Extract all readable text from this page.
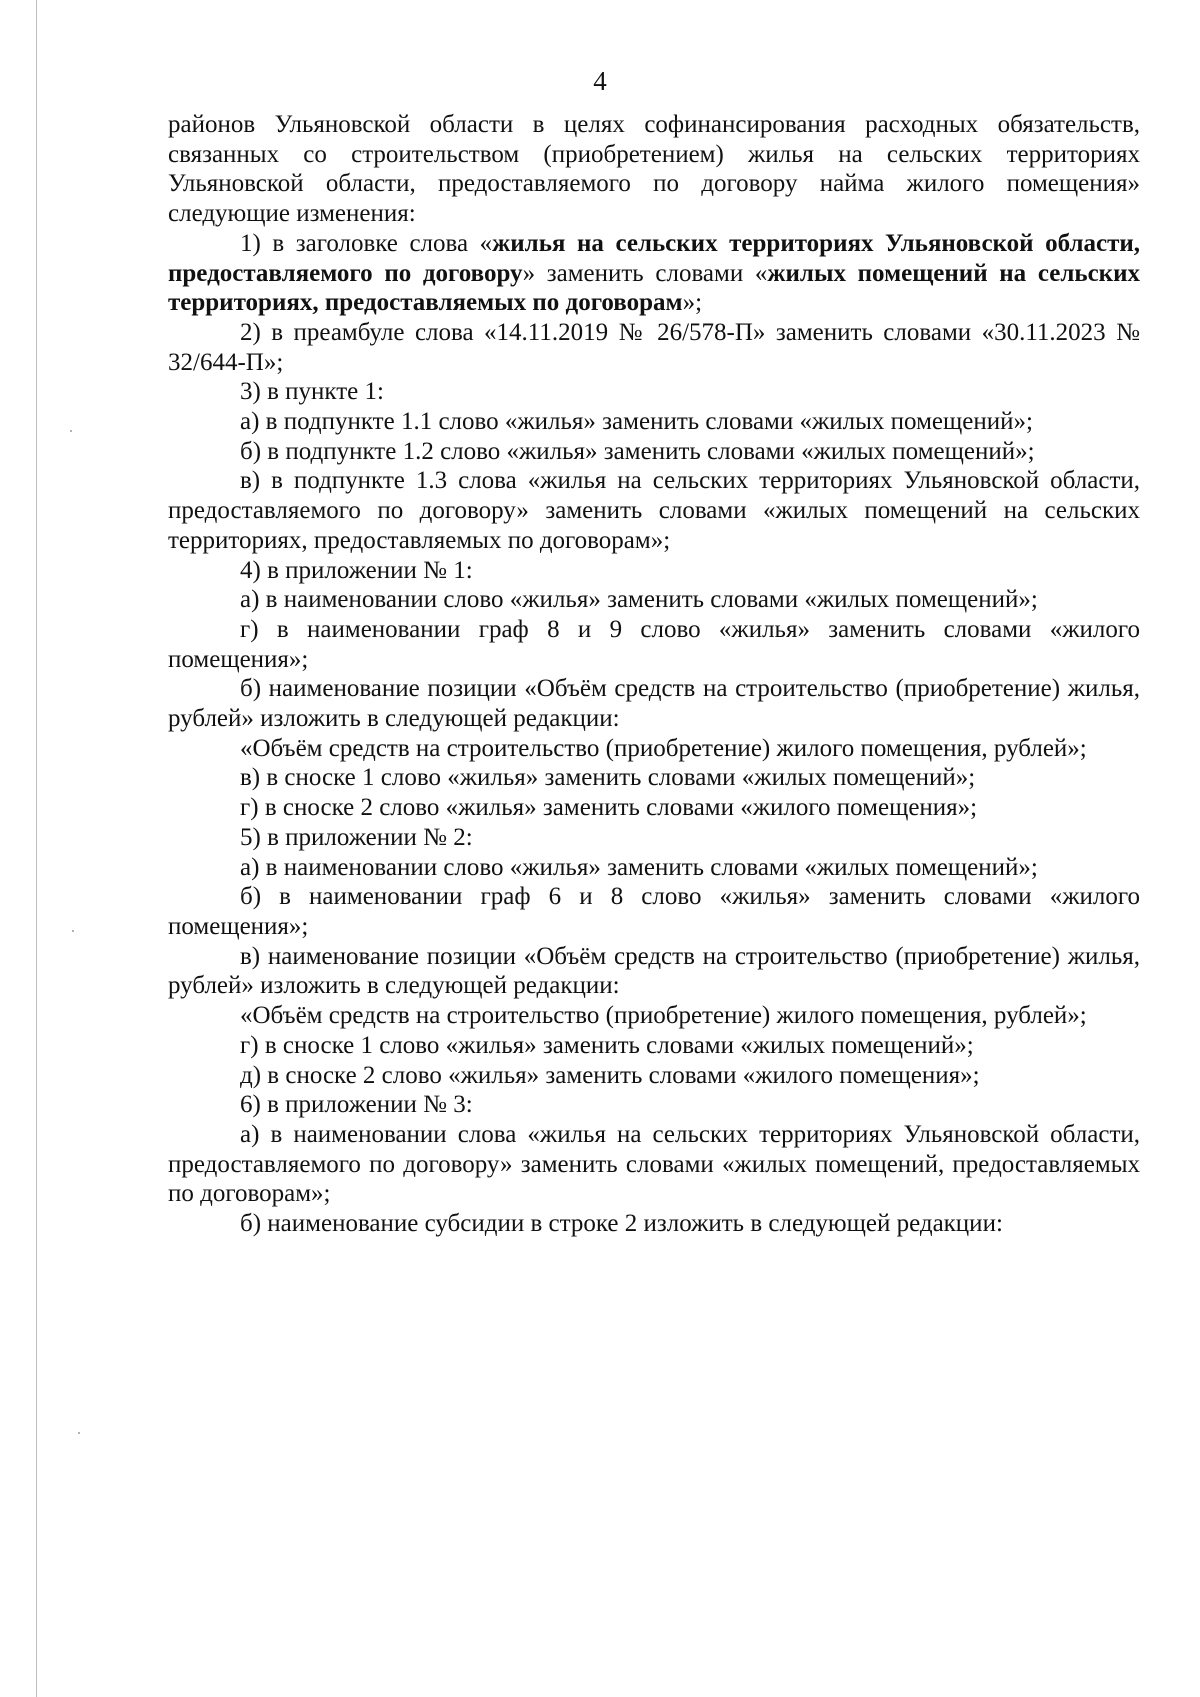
4

районов Ульяновской области в целях софинансирования расходных обязательств, связанных со строительством (приобретением) жилья на сельских территориях Ульяновской области, предоставляемого по договору найма жилого помещения» следующие изменения:

1) в заголовке слова «жилья на сельских территориях Ульяновской области, предоставляемого по договору» заменить словами «жилых помещений на сельских территориях, предоставляемых по договорам»;

2) в преамбуле слова «14.11.2019 № 26/578-П» заменить словами «30.11.2023 № 32/644-П»;

3) в пункте 1:

а) в подпункте 1.1 слово «жилья» заменить словами «жилых помещений»;

б) в подпункте 1.2 слово «жилья» заменить словами «жилых помещений»;

в) в подпункте 1.3 слова «жилья на сельских территориях Ульяновской области, предоставляемого по договору» заменить словами «жилых помещений на сельских территориях, предоставляемых по договорам»;

4) в приложении № 1:

а) в наименовании слово «жилья» заменить словами «жилых помещений»;

г) в наименовании граф 8 и 9 слово «жилья» заменить словами «жилого помещения»;

б) наименование позиции «Объём средств на строительство (приобретение) жилья, рублей» изложить в следующей редакции:

«Объём средств на строительство (приобретение) жилого помещения, рублей»;

в) в сноске 1 слово «жилья» заменить словами «жилых помещений»;

г) в сноске 2 слово «жилья» заменить словами «жилого помещения»;

5) в приложении № 2:

а) в наименовании слово «жилья» заменить словами «жилых помещений»;

б) в наименовании граф 6 и 8 слово «жилья» заменить словами «жилого помещения»;

в) наименование позиции «Объём средств на строительство (приобретение) жилья, рублей» изложить в следующей редакции:

«Объём средств на строительство (приобретение) жилого помещения, рублей»;

г) в сноске 1 слово «жилья» заменить словами «жилых помещений»;

д) в сноске 2 слово «жилья» заменить словами «жилого помещения»;

6) в приложении № 3:

а) в наименовании слова «жилья на сельских территориях Ульяновской области, предоставляемого по договору» заменить словами «жилых помещений, предоставляемых по договорам»;

б) наименование субсидии в строке 2 изложить в следующей редакции:
